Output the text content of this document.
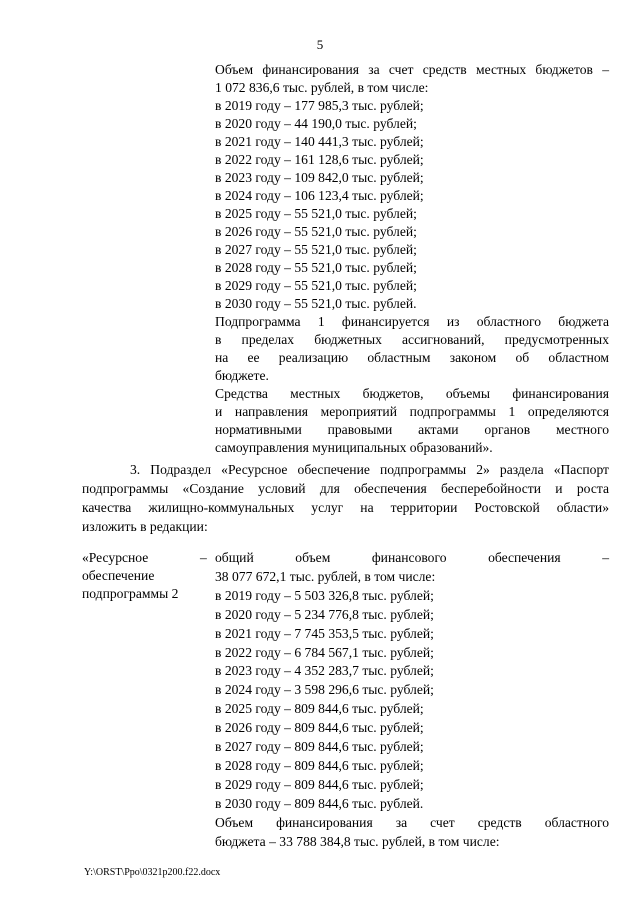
5
Объем финансирования за счет средств местных бюджетов –
1 072 836,6 тыс. рублей, в том числе:
в 2019 году – 177 985,3 тыс. рублей;
в 2020 году – 44 190,0 тыс. рублей;
в 2021 году – 140 441,3 тыс. рублей;
в 2022 году – 161 128,6 тыс. рублей;
в 2023 году – 109 842,0 тыс. рублей;
в 2024 году – 106 123,4 тыс. рублей;
в 2025 году – 55 521,0 тыс. рублей;
в 2026 году – 55 521,0 тыс. рублей;
в 2027 году – 55 521,0 тыс. рублей;
в 2028 году – 55 521,0 тыс. рублей;
в 2029 году – 55 521,0 тыс. рублей;
в 2030 году – 55 521,0 тыс. рублей.
Подпрограмма 1 финансируется из областного бюджета
в пределах бюджетных ассигнований, предусмотренных
на ее реализацию областным законом об областном
бюджете.
Средства местных бюджетов, объемы финансирования
и направления мероприятий подпрограммы 1 определяются
нормативными правовыми актами органов местного
самоуправления муниципальных образований».
3. Подраздел «Ресурсное обеспечение подпрограммы 2» раздела «Паспорт
подпрограммы «Создание условий для обеспечения бесперебойности и роста
качества жилищно-коммунальных услуг на территории Ростовской области»
изложить в редакции:
«Ресурсное
обеспечение
подпрограммы 2
– общий объем финансового обеспечения –
38 077 672,1 тыс. рублей, в том числе:
в 2019 году – 5 503 326,8 тыс. рублей;
в 2020 году – 5 234 776,8 тыс. рублей;
в 2021 году – 7 745 353,5 тыс. рублей;
в 2022 году – 6 784 567,1 тыс. рублей;
в 2023 году – 4 352 283,7 тыс. рублей;
в 2024 году – 3 598 296,6 тыс. рублей;
в 2025 году – 809 844,6 тыс. рублей;
в 2026 году – 809 844,6 тыс. рублей;
в 2027 году – 809 844,6 тыс. рублей;
в 2028 году – 809 844,6 тыс. рублей;
в 2029 году – 809 844,6 тыс. рублей;
в 2030 году – 809 844,6 тыс. рублей.
Объем финансирования за счет средств областного
бюджета – 33 788 384,8 тыс. рублей, в том числе:
Y:\ORST\Ppo\0321p200.f22.docx
